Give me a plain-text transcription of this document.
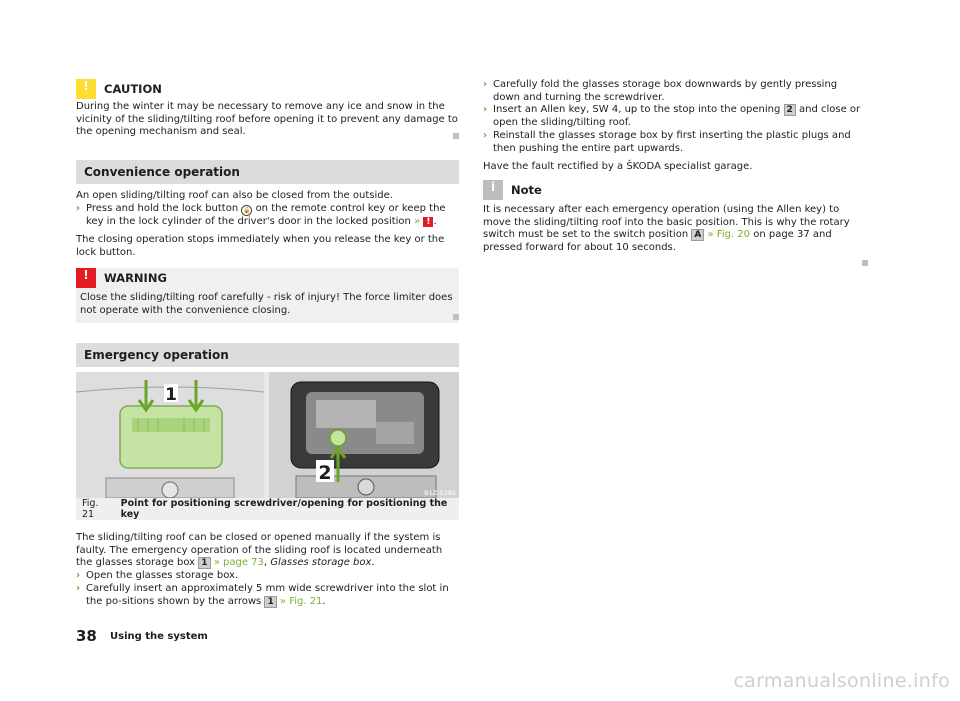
!	CAUTION

During the winter it may be necessary to remove any ice and snow in the vicinity of the sliding/tilting roof before opening it to prevent any damage to the opening mechanism and seal.

Convenience operation

An open sliding/tilting roof can also be closed from the outside.

› Press and hold the lock button 🔒 on the remote control key or keep the key in the lock cylinder of the driver's door in the locked position » ! .

The closing operation stops immediately when you release the key or the lock button.

!	WARNING

Close the sliding/tilting roof carefully - risk of injury! The force limiter does not operate with the convenience closing.

Emergency operation

The sliding/tilting roof can be closed or opened manually if the system is faulty. The emergency operation of the sliding roof is located underneath the glasses storage box 1 » page 73, Glasses storage box.

› Open the glasses storage box.

› Carefully insert an approximately 5 mm wide screwdriver into the slot in the po-sitions shown by the arrows 1 » Fig. 21.

1
2
B1Z-0385
Fig. 21
Point for positioning screwdriver/opening for positioning the key

› Carefully fold the glasses storage box downwards by gently pressing down and turning the screwdriver.

› Insert an Allen key, SW 4, up to the stop into the opening 2 and close or open the sliding/tilting roof.

› Reinstall the glasses storage box by first inserting the plastic plugs and then pushing the entire part upwards.

Have the fault rectified by a ŠKODA specialist garage.

i	Note

It is necessary after each emergency operation (using the Allen key) to move the sliding/tilting roof into the basic position. This is why the rotary switch must be set to the switch position A » Fig. 20 on page 37 and pressed forward for about 10 seconds.

38 Using the system
carmanualsonline.info
